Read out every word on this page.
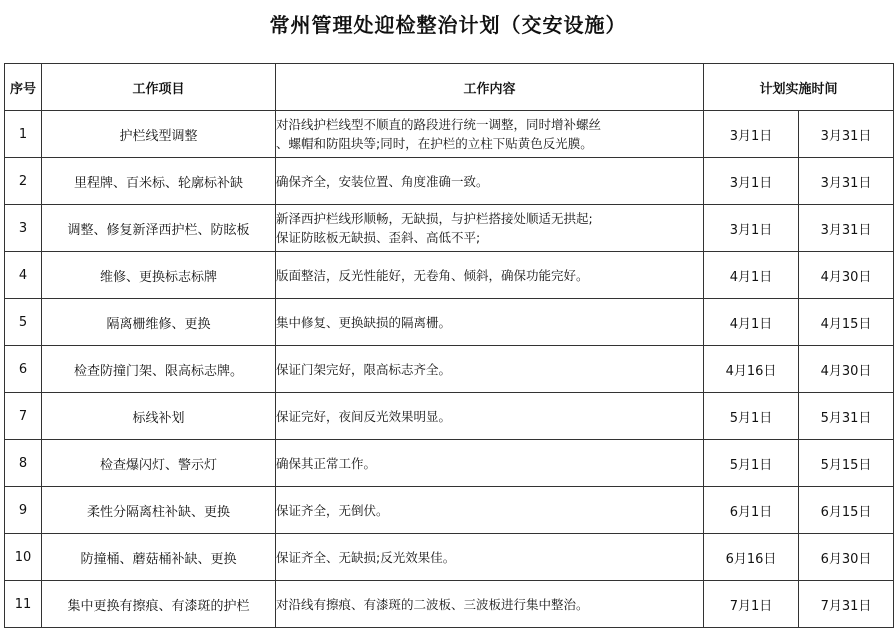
常州管理处迎检整治计划（交安设施）
序号	工作项目	工作内容	计划实施时间	
1	护栏线型调整	对沿线护栏线型不顺直的路段进行统一调整，同时增补螺丝
、螺帽和防阻块等;同时，在护栏的立柱下贴黄色反光膜。	3月1日	3月31日
2	里程牌、百米标、轮廓标补缺	确保齐全，安装位置、角度准确一致。	3月1日	3月31日
3	调整、修复新泽西护栏、防眩板	新泽西护栏线形顺畅，无缺损，与护栏搭接处顺适无拱起;
保证防眩板无缺损、歪斜、高低不平;	3月1日	3月31日
4	维修、更换标志标牌	版面整洁，反光性能好，无卷角、倾斜，确保功能完好。	4月1日	4月30日
5	隔离栅维修、更换	集中修复、更换缺损的隔离栅。	4月1日	4月15日
6	检查防撞门架、限高标志牌。	保证门架完好，限高标志齐全。	4月16日	4月30日
7	标线补划	保证完好，夜间反光效果明显。	5月1日	5月31日
8	检查爆闪灯、警示灯	确保其正常工作。	5月1日	5月15日
9	柔性分隔离柱补缺、更换	保证齐全，无倒伏。	6月1日	6月15日
10	防撞桶、蘑菇桶补缺、更换	保证齐全、无缺损;反光效果佳。	6月16日	6月30日
11	集中更换有擦痕、有漆斑的护栏	对沿线有擦痕、有漆斑的二波板、三波板进行集中整治。	7月1日	7月31日
